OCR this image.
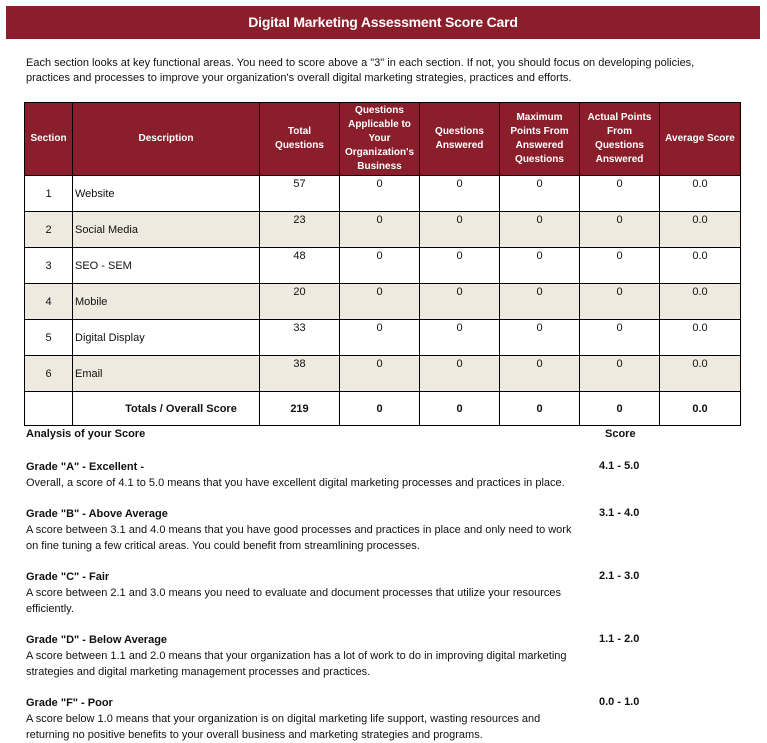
Digital Marketing Assessment Score Card
Each section looks at key functional areas. You need to score above a "3" in each section. If not, you should focus on developing policies, practices and processes to improve your organization's overall digital marketing strategies, practices and efforts.
Section	Description	Total Questions	Questions Applicable to Your Organization's Business	Questions Answered	Maximum Points From Answered Questions	Actual Points From Questions Answered	Average Score
1	Website	57	0	0	0	0	0.0
2	Social Media	23	0	0	0	0	0.0
3	SEO - SEM	48	0	0	0	0	0.0
4	Mobile	20	0	0	0	0	0.0
5	Digital Display	33	0	0	0	0	0.0
6	Email	38	0	0	0	0	0.0
	Totals / Overall Score	219	0	0	0	0	0.0
Analysis of your Score	Score
Grade "A" - Excellent -
Overall, a score of 4.1 to 5.0 means that you have excellent digital marketing processes and practices in place.
4.1 - 5.0
Grade "B" - Above Average
A score between 3.1 and 4.0 means that you have good processes and practices in place and only need to work on fine tuning a few critical areas. You could benefit from streamlining processes.
3.1 - 4.0
Grade "C" - Fair
A score between 2.1 and 3.0 means you need to evaluate and document processes that utilize your resources efficiently.
2.1 - 3.0
Grade "D" - Below Average
A score between 1.1 and 2.0 means that your organization has a lot of work to do in improving digital marketing strategies and digital marketing management processes and practices.
1.1 - 2.0
Grade "F" - Poor
A score below 1.0 means that your organization is on digital marketing life support, wasting resources and returning no positive benefits to your overall business and marketing strategies and programs.
0.0 - 1.0
